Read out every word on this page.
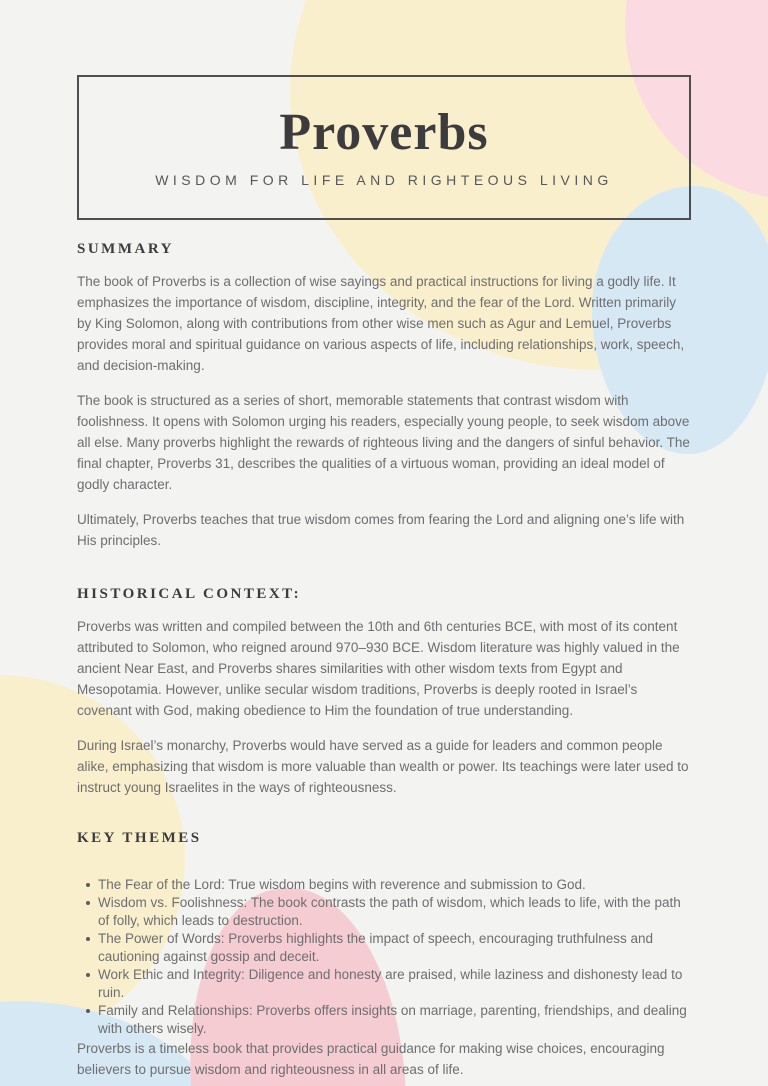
Proverbs
WISDOM FOR LIFE AND RIGHTEOUS LIVING
SUMMARY

The book of Proverbs is a collection of wise sayings and practical instructions for living a godly life. It emphasizes the importance of wisdom, discipline, integrity, and the fear of the Lord. Written primarily by King Solomon, along with contributions from other wise men such as Agur and Lemuel, Proverbs provides moral and spiritual guidance on various aspects of life, including relationships, work, speech, and decision-making.

The book is structured as a series of short, memorable statements that contrast wisdom with foolishness. It opens with Solomon urging his readers, especially young people, to seek wisdom above all else. Many proverbs highlight the rewards of righteous living and the dangers of sinful behavior. The final chapter, Proverbs 31, describes the qualities of a virtuous woman, providing an ideal model of godly character.

Ultimately, Proverbs teaches that true wisdom comes from fearing the Lord and aligning one’s life with His principles.

HISTORICAL CONTEXT:

Proverbs was written and compiled between the 10th and 6th centuries BCE, with most of its content attributed to Solomon, who reigned around 970–930 BCE. Wisdom literature was highly valued in the ancient Near East, and Proverbs shares similarities with other wisdom texts from Egypt and Mesopotamia. However, unlike secular wisdom traditions, Proverbs is deeply rooted in Israel’s covenant with God, making obedience to Him the foundation of true understanding.

During Israel’s monarchy, Proverbs would have served as a guide for leaders and common people alike, emphasizing that wisdom is more valuable than wealth or power. Its teachings were later used to instruct young Israelites in the ways of righteousness.

KEY THEMES
The Fear of the Lord: True wisdom begins with reverence and submission to God.
Wisdom vs. Foolishness: The book contrasts the path of wisdom, which leads to life, with the path of folly, which leads to destruction.
The Power of Words: Proverbs highlights the impact of speech, encouraging truthfulness and cautioning against gossip and deceit.
Work Ethic and Integrity: Diligence and honesty are praised, while laziness and dishonesty lead to ruin.
Family and Relationships: Proverbs offers insights on marriage, parenting, friendships, and dealing with others wisely.

Proverbs is a timeless book that provides practical guidance for making wise choices, encouraging believers to pursue wisdom and righteousness in all areas of life.
